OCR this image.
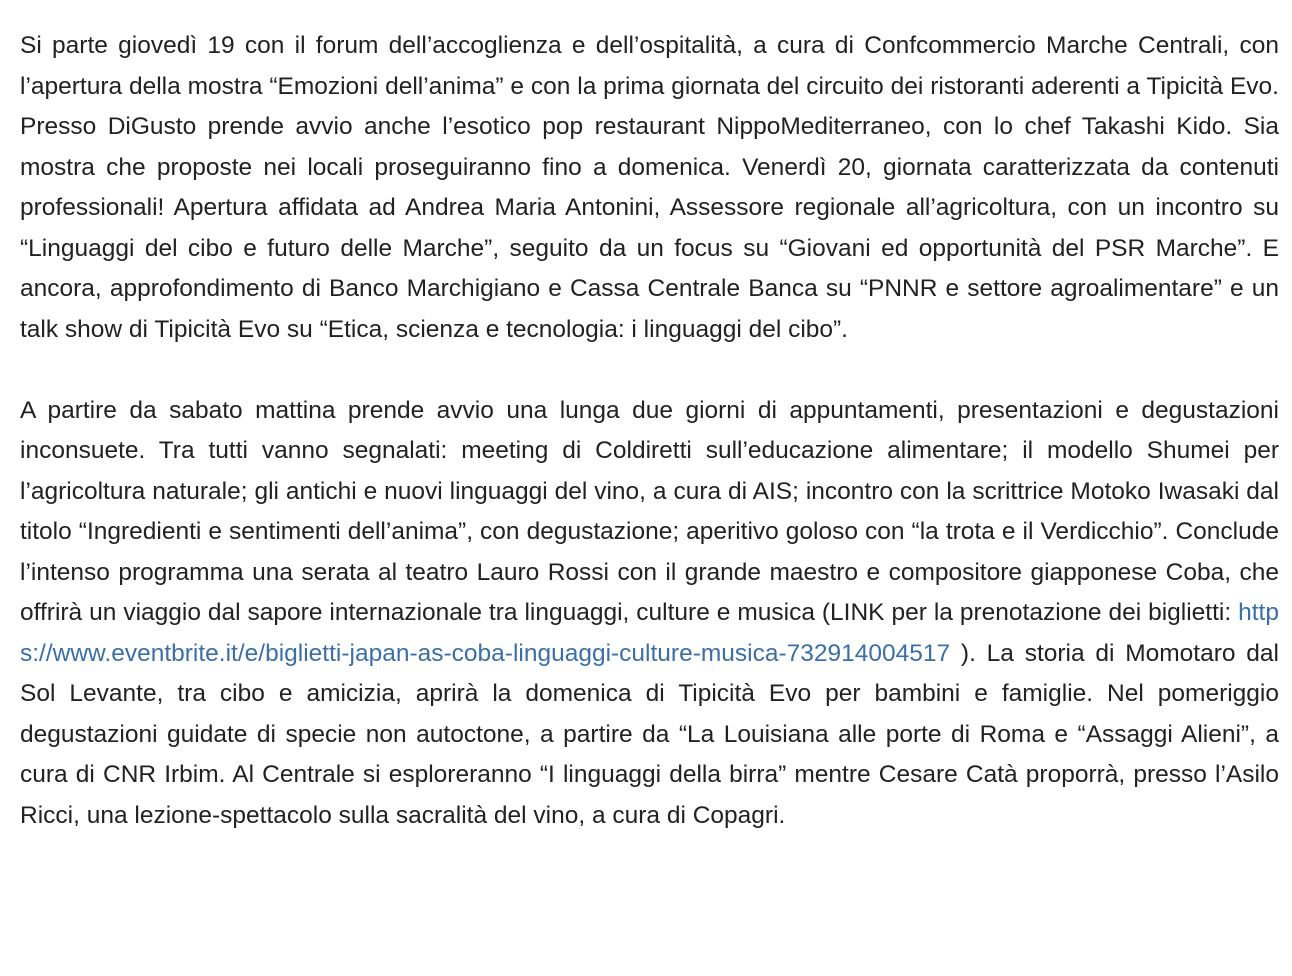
Si parte giovedì 19 con il forum dell’accoglienza e dell’ospitalità, a cura di Confcommercio Marche Centrali, con l’apertura della mostra “Emozioni dell’anima” e con la prima giornata del circuito dei ristoranti aderenti a Tipicità Evo. Presso DiGusto prende avvio anche l’esotico pop restaurant NippoMediterraneo, con lo chef Takashi Kido. Sia mostra che proposte nei locali proseguiranno fino a domenica. Venerdì 20, giornata caratterizzata da contenuti professionali! Apertura affidata ad Andrea Maria Antonini, Assessore regionale all’agricoltura, con un incontro su “Linguaggi del cibo e futuro delle Marche”, seguito da un focus su “Giovani ed opportunità del PSR Marche”. E ancora, approfondimento di Banco Marchigiano e Cassa Centrale Banca su “PNNR e settore agroalimentare” e un talk show di Tipicità Evo su “Etica, scienza e tecnologia: i linguaggi del cibo”.

A partire da sabato mattina prende avvio una lunga due giorni di appuntamenti, presentazioni e degustazioni inconsuete. Tra tutti vanno segnalati: meeting di Coldiretti sull’educazione alimentare; il modello Shumei per l’agricoltura naturale; gli antichi e nuovi linguaggi del vino, a cura di AIS; incontro con la scrittrice Motoko Iwasaki dal titolo “Ingredienti e sentimenti dell’anima”, con degustazione; aperitivo goloso con “la trota e il Verdicchio”. Conclude l’intenso programma una serata al teatro Lauro Rossi con il grande maestro e compositore giapponese Coba, che offrirà un viaggio dal sapore internazionale tra linguaggi, culture e musica (LINK per la prenotazione dei biglietti: https://www.eventbrite.it/e/biglietti-japan-as-coba-linguaggi-culture-musica-732914004517 ). La storia di Momotaro dal Sol Levante, tra cibo e amicizia, aprirà la domenica di Tipicità Evo per bambini e famiglie. Nel pomeriggio degustazioni guidate di specie non autoctone, a partire da “La Louisiana alle porte di Roma e “Assaggi Alieni”, a cura di CNR Irbim. Al Centrale si esploreranno “I linguaggi della birra” mentre Cesare Catà proporrà, presso l’Asilo Ricci, una lezione-spettacolo sulla sacralità del vino, a cura di Copagri.
